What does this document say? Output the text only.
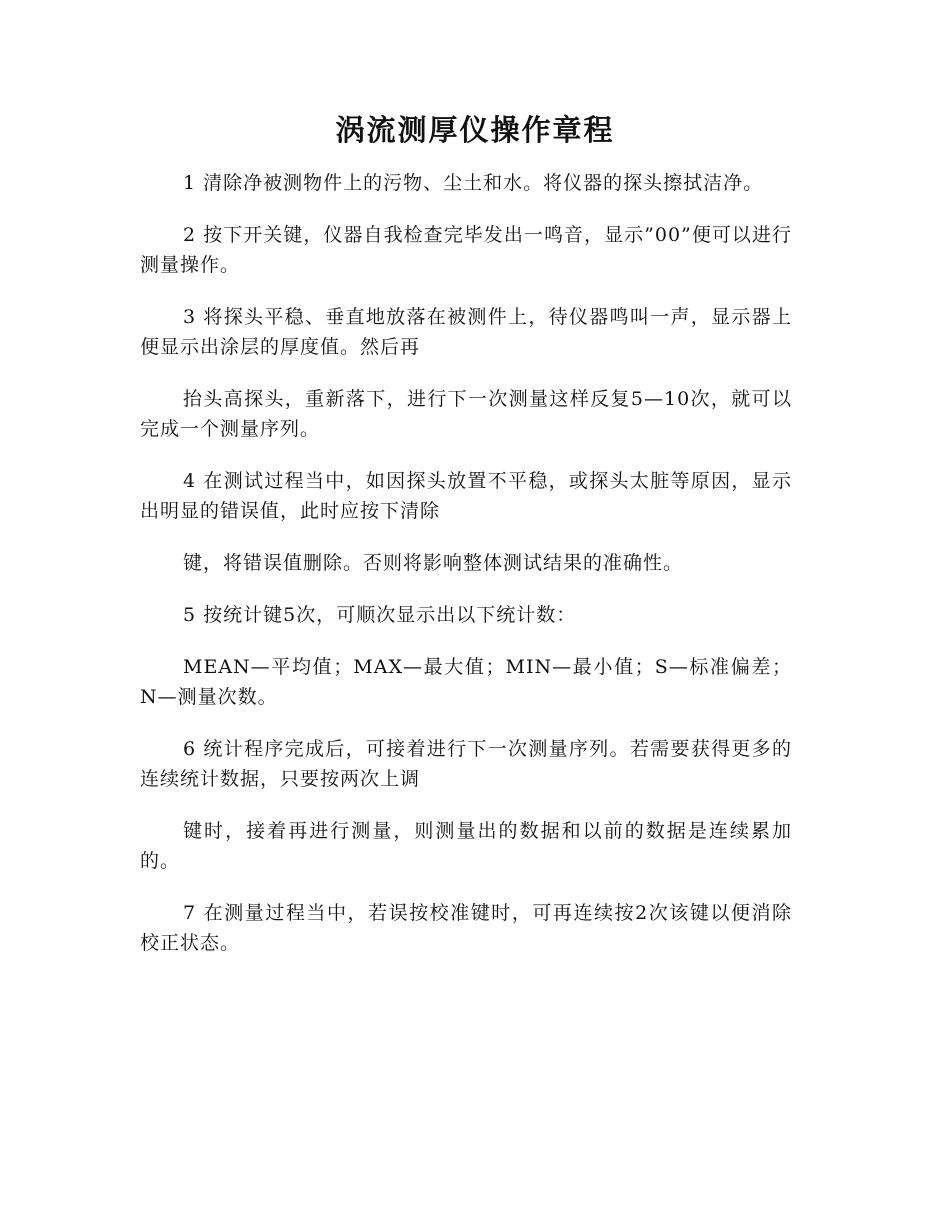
涡流测厚仪操作章程

1 清除净被测物件上的污物、尘土和水。将仪器的探头擦拭洁净。

2 按下开关键，仪器自我检查完毕发出一鸣音，显示”00”便可以进行测量操作。

3 将探头平稳、垂直地放落在被测件上，待仪器鸣叫一声，显示器上便显示出涂层的厚度值。然后再

抬头高探头，重新落下，进行下一次测量这样反复5—10次，就可以完成一个测量序列。

4 在测试过程当中，如因探头放置不平稳，或探头太脏等原因，显示出明显的错误值，此时应按下清除

键，将错误值删除。否则将影响整体测试结果的准确性。

5 按统计键5次，可顺次显示出以下统计数：

MEAN—平均值；MAX—最大值；MIN—最小值；S—标准偏差；N—测量次数。

6 统计程序完成后，可接着进行下一次测量序列。若需要获得更多的连续统计数据，只要按两次上调

键时，接着再进行测量，则测量出的数据和以前的数据是连续累加的。

7 在测量过程当中，若误按校准键时，可再连续按2次该键以便消除校正状态。
